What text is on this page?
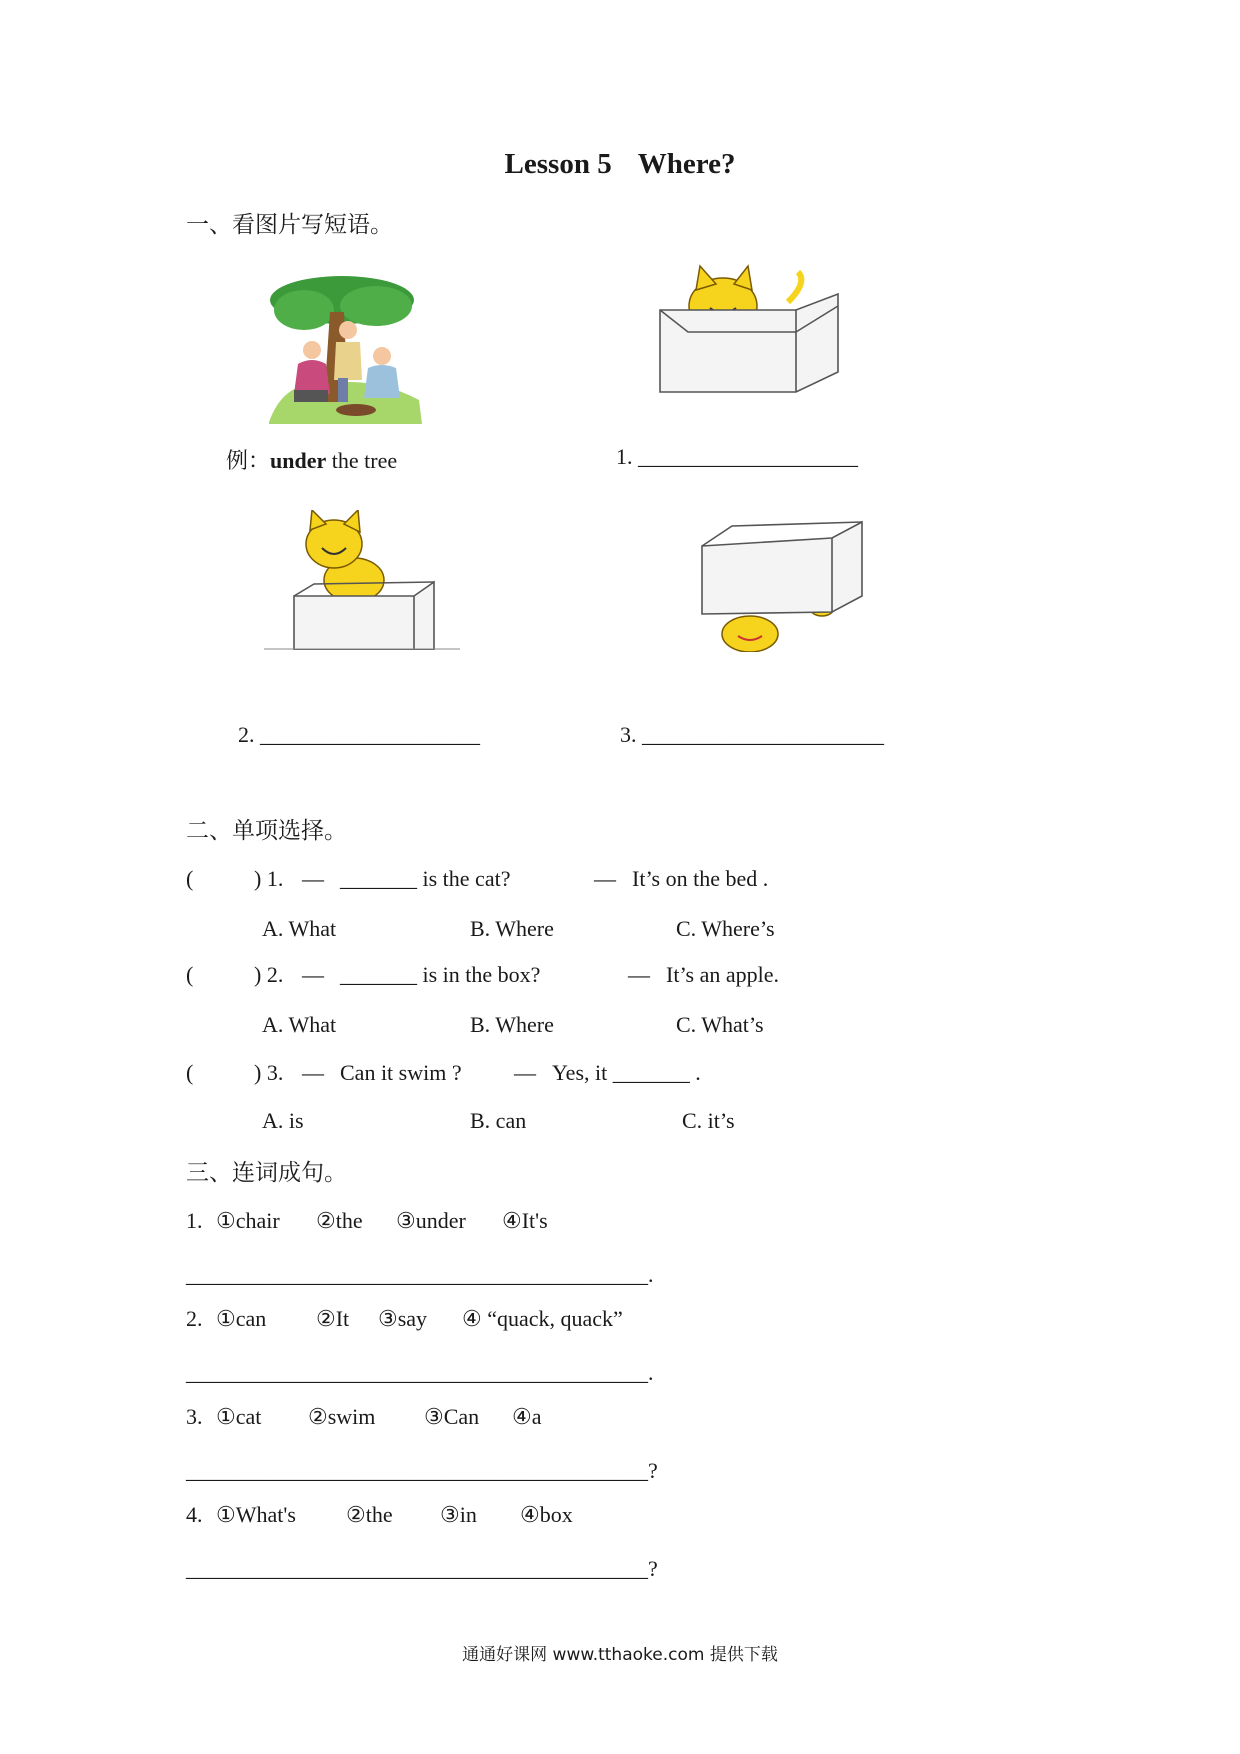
Lesson 5 Where?
一、看图片写短语。
例：under the tree	1. ____________________
2. ____________________	3. ______________________
二、单项选择。
(	) 1. — _______ is the cat?	— It’s on the bed .
A. What	B. Where	C. Where’s
(	) 2. — _______ is in the box?	— It’s an apple.
A. What	B. Where	C. What’s
(	) 3. — Can it swim ? — Yes, it _______ .
A. is	B. can	C. it’s
三、连词成句。
1. ①chair ②the ③under ④It's
__________________________________________.
2. ①can ②It ③say ④ “quack, quack”
__________________________________________.
3. ①cat ②swim ③Can ④a
__________________________________________?
4. ①What's ②the ③in ④box
__________________________________________?
通通好课网 www.tthaoke.com 提供下载
